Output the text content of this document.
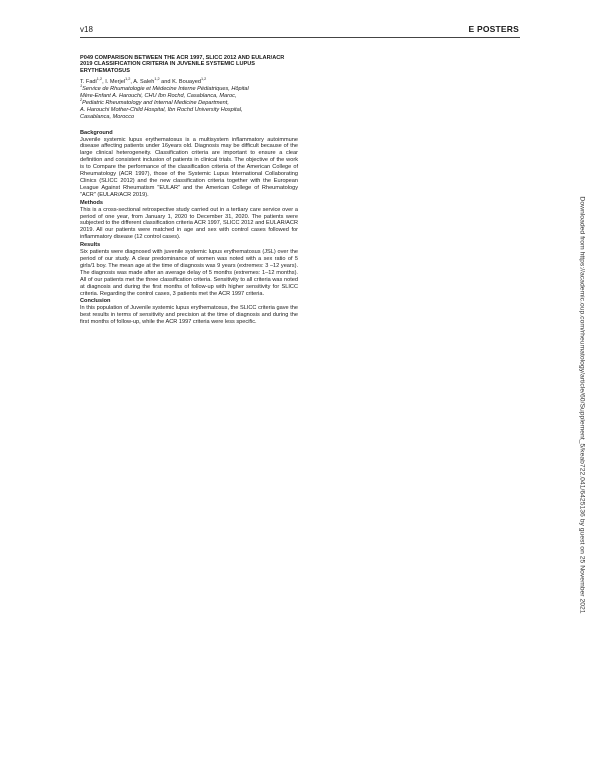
v18	E POSTERS

P049 COMPARISON BETWEEN THE ACR 1997, SLICC 2012 AND EULAR/ACR 2019 CLASSIFICATION CRITERIA IN JUVENILE SYSTEMIC LUPUS ERYTHEMATOSUS

T. Fadi$^{1,2}$, I. Merjel$^{1,2}$, A. Saleh$^{1,2}$ and K. Bouayed$^{1,2}$

$^1$Service de Rhumatologie et Médecine Interne Pédiatriques, Hôpital

Mère-Enfant A. Harouchi, CHU Ibn Rochd, Casablanca, Maroc,

$^2$Pediatric Rheumatology and Internal Medicine Department,

A. Harouchi Mother-Child Hospital, Ibn Rochd University Hospital,

Casablanca, Morocco

Background

Juvenile systemic lupus erythematosus is a multisystem inflammatory autoimmune disease affecting patients under 16years old. Diagnosis may be difficult because of the large clinical heterogeneity. Classification criteria are important to ensure a clear definition and consistent inclusion of patients in clinical trials. The objective of the work is to Compare the performance of the classification criteria of the American College of Rheumatology (ACR 1997), those of the Systemic Lupus International Collaborating Clinics (SLICC 2012) and the new classification criteria together with the European League Against Rheumatism "EULAR" and the American College of Rheumatology "ACR" (EULAR/ACR 2019).

Methods

This is a cross-sectional retrospective study carried out in a tertiary care service over a period of one year, from January 1, 2020 to December 31, 2020. The patients were subjected to the different classification criteria ACR 1997, SLICC 2012 and EULAR/ACR 2019. All our patients were matched in age and sex with control cases followed for inflammatory disease (12 control cases).

Results

Six patients were diagnosed with juvenile systemic lupus erythematosus (JSL) over the period of our study. A clear predominance of women was noted with a sex ratio of 5 girls/1 boy. The mean age at the time of diagnosis was 9 years (extremes: 3 –12 years). The diagnosis was made after an average delay of 5 months (extremes: 1–12 months). All of our patients met the three classification criteria. Sensitivity to all criteria was noted at diagnosis and during the first months of follow-up with higher sensitivity for SLICC criteria. Regarding the control cases, 3 patients met the ACR 1997 criteria.

Conclusion

In this population of Juvenile systemic lupus erythematosus, the SLICC criteria gave the best results in terms of sensitivity and precision at the time of diagnosis and during the first months of follow-up, while the ACR 1997 criteria were less specific.	Downloaded from https://academic.oup.com/rheumatology/article/60/Supplement_5/keab722.041/6425136 by guest on 25 November 2021
